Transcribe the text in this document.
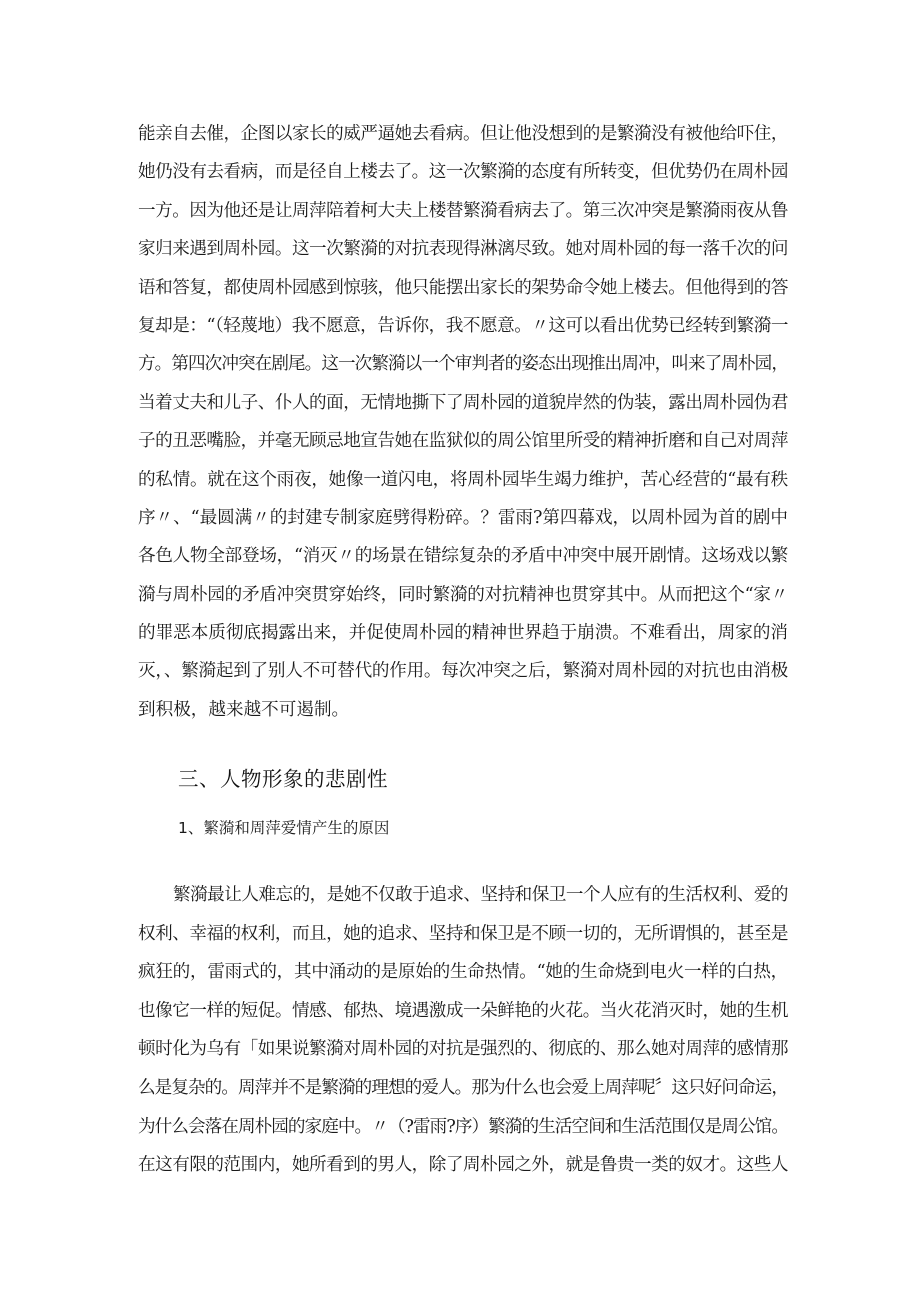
能亲自去催，企图以家长的威严逼她去看病。但让他没想到的是繁漪没有被他给吓住，
她仍没有去看病，而是径自上楼去了。这一次繁漪的态度有所转变，但优势仍在周朴园
一方。因为他还是让周萍陪着柯大夫上楼替繁漪看病去了。第三次冲突是繁漪雨夜从鲁
家归来遇到周朴园。这一次繁漪的对抗表现得淋漓尽致。她对周朴园的每一落千次的问
语和答复，都使周朴园感到惊骇，他只能摆出家长的架势命令她上楼去。但他得到的答
复却是：“（轻蔑地）我不愿意，告诉你，我不愿意。〃这可以看出优势已经转到繁漪一
方。第四次冲突在剧尾。这一次繁漪以一个审判者的姿态出现推出周冲，叫来了周朴园，
当着丈夫和儿子、仆人的面，无情地撕下了周朴园的道貌岸然的伪装，露出周朴园伪君
子的丑恶嘴脸，并毫无顾忌地宣告她在监狱似的周公馆里所受的精神折磨和自己对周萍
的私情。就在这个雨夜，她像一道闪电，将周朴园毕生竭力维护，苦心经营的“最有秩
序〃、“最圆满〃的封建专制家庭劈得粉碎。？雷雨?第四幕戏，以周朴园为首的剧中
各色人物全部登场，“消灭〃的场景在错综复杂的矛盾中冲突中展开剧情。这场戏以繁
漪与周朴园的矛盾冲突贯穿始终，同时繁漪的对抗精神也贯穿其中。从而把这个“家〃
的罪恶本质彻底揭露出来，并促使周朴园的精神世界趋于崩溃。不难看出，周家的消
灭，、繁漪起到了别人不可替代的作用。每次冲突之后，繁漪对周朴园的对抗也由消极
到积极，越来越不可遏制。
三、人物形象的悲剧性
1、繁漪和周萍爱情产生的原因
繁漪最让人难忘的，是她不仅敢于追求、坚持和保卫一个人应有的生活权利、爱的
权利、幸福的权利，而且，她的追求、坚持和保卫是不顾一切的，无所谓惧的，甚至是
疯狂的，雷雨式的，其中涌动的是原始的生命热情。“她的生命烧到电火一样的白热，
也像它一样的短促。情感、郁热、境遇激成一朵鲜艳的火花。当火花消灭时，她的生机
顿时化为乌有「如果说繁漪对周朴园的对抗是强烈的、彻底的、那么她对周萍的感情那
么是复杂的。周萍并不是繁漪的理想的爱人。那为什么也会爱上周萍呢〞这只好问命运，
为什么会落在周朴园的家庭中。〃（?雷雨?序）繁漪的生活空间和生活范围仅是周公馆。
在这有限的范围内，她所看到的男人，除了周朴园之外，就是鲁贵一类的奴才。这些人
